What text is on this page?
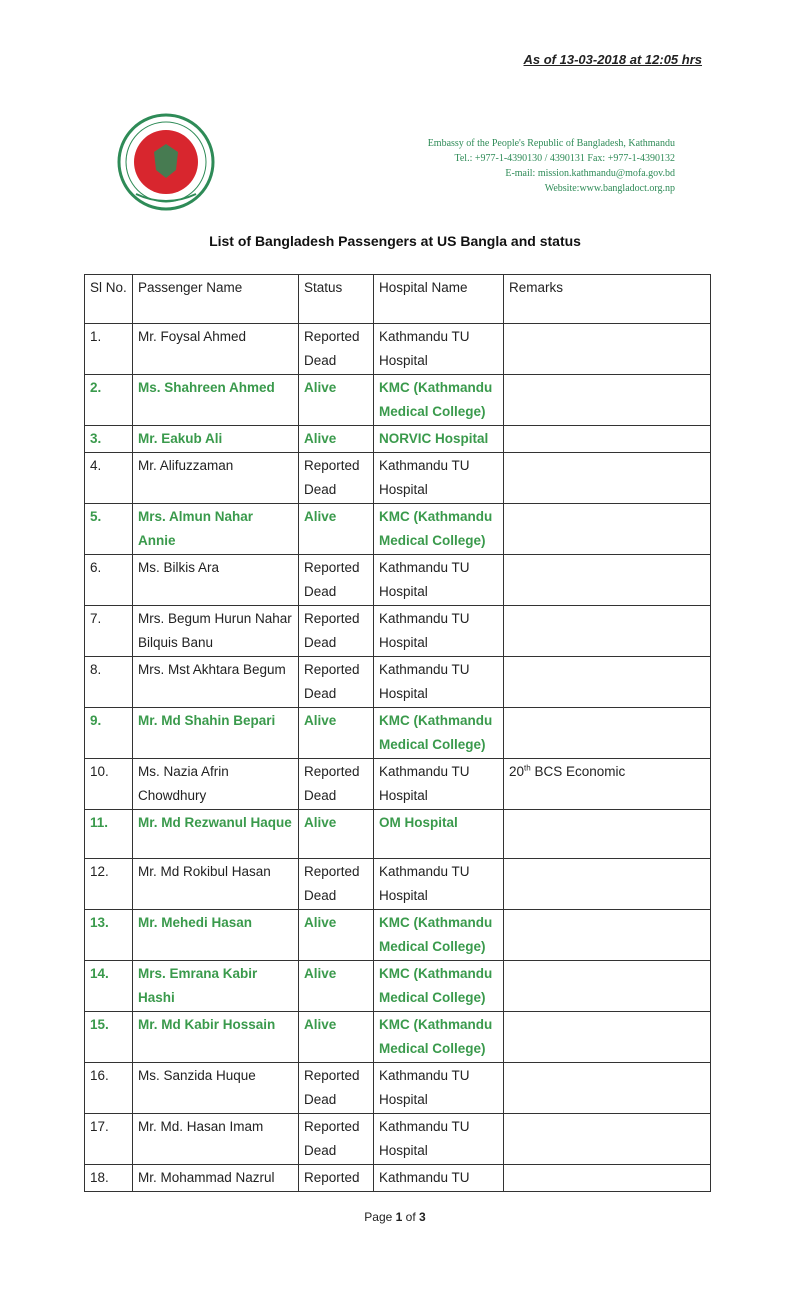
As of 13-03-2018 at 12:05 hrs
Embassy of the People's Republic of Bangladesh, Kathmandu
Tel.: +977-1-4390130 / 4390131 Fax: +977-1-4390132
E-mail: mission.kathmandu@mofa.gov.bd
Website:www.bangladoct.org.np
List of Bangladesh Passengers at US Bangla and status
Sl No.	Passenger Name	Status	Hospital Name	Remarks
1.	Mr. Foysal Ahmed	Reported Dead	Kathmandu TU Hospital	
2.	Ms. Shahreen Ahmed	Alive	KMC (Kathmandu Medical College)	
3.	Mr. Eakub Ali	Alive	NORVIC Hospital	
4.	Mr. Alifuzzaman	Reported Dead	Kathmandu TU Hospital	
5.	Mrs. Almun Nahar Annie	Alive	KMC (Kathmandu Medical College)	
6.	Ms. Bilkis Ara	Reported Dead	Kathmandu TU Hospital	
7.	Mrs. Begum Hurun Nahar Bilquis Banu	Reported Dead	Kathmandu TU Hospital	
8.	Mrs. Mst Akhtara Begum	Reported Dead	Kathmandu TU Hospital	
9.	Mr. Md Shahin Bepari	Alive	KMC (Kathmandu Medical College)	
10.	Ms. Nazia Afrin Chowdhury	Reported Dead	Kathmandu TU Hospital	20th BCS Economic
11.	Mr. Md Rezwanul Haque	Alive	OM Hospital	
12.	Mr. Md Rokibul Hasan	Reported Dead	Kathmandu TU Hospital	
13.	Mr. Mehedi Hasan	Alive	KMC (Kathmandu Medical College)	
14.	Mrs. Emrana Kabir Hashi	Alive	KMC (Kathmandu Medical College)	
15.	Mr. Md Kabir Hossain	Alive	KMC (Kathmandu Medical College)	
16.	Ms. Sanzida Huque	Reported Dead	Kathmandu TU Hospital	
17.	Mr. Md. Hasan Imam	Reported Dead	Kathmandu TU Hospital	
18.	Mr. Mohammad Nazrul	Reported	Kathmandu TU	
Page 1 of 3
